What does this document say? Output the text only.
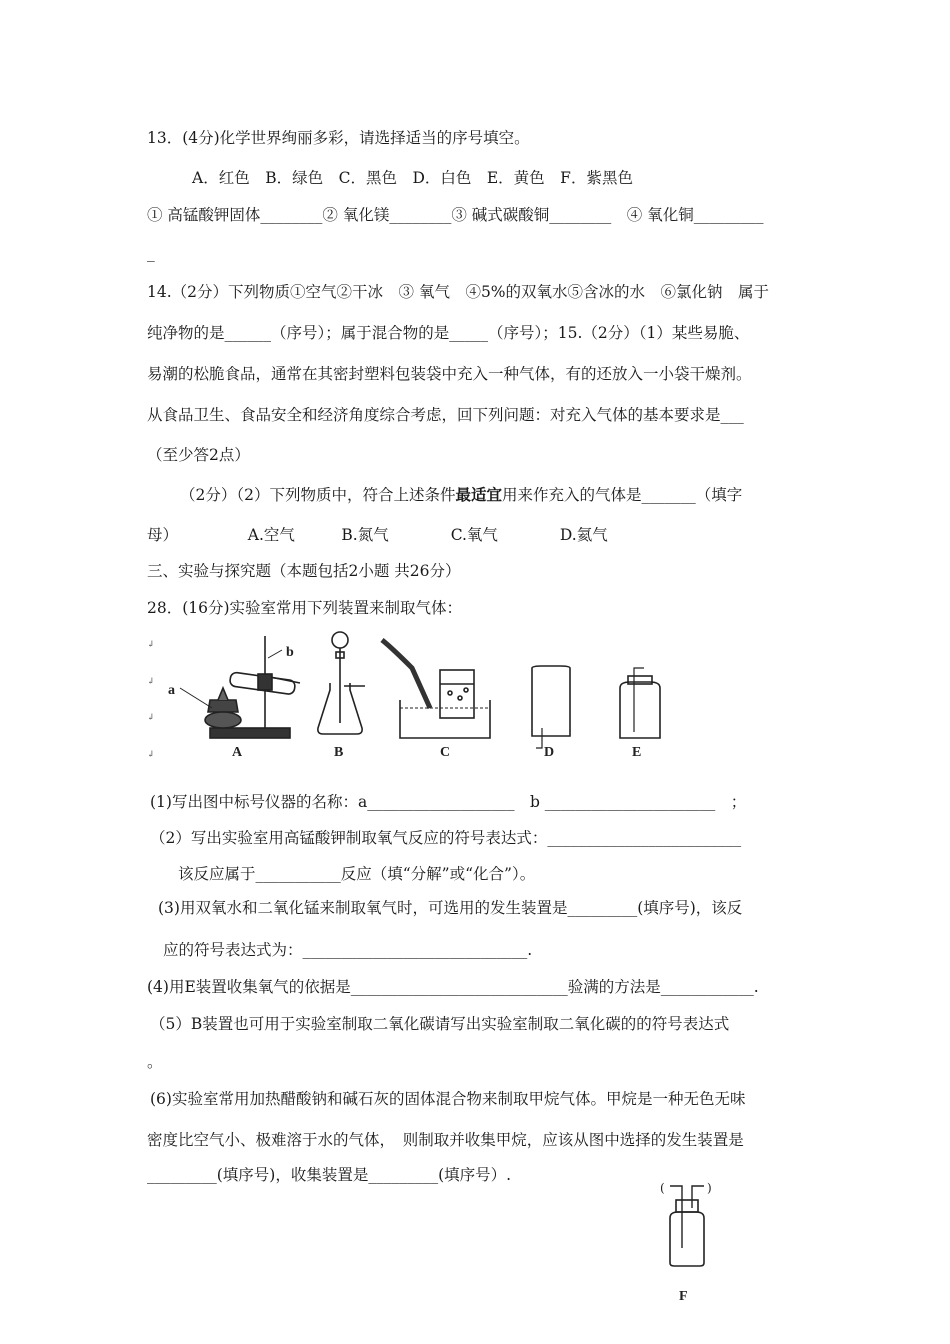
13．(4分)化学世界绚丽多彩，请选择适当的序号填空。
A．红色　B．绿色　C．黑色　D．白色　E．黄色　F．紫黑色
① 高锰酸钾固体________② 氧化镁________③ 碱式碳酸铜________　④ 氧化铜_________
_
14.（2分）下列物质①空气②干冰　③ 氧气　④5%的双氧水⑤含冰的水　⑥氯化钠　属于
纯净物的是______（序号）；属于混合物的是_____（序号）；15.（2分）（1）某些易脆、
易潮的松脆食品，通常在其密封塑料包装袋中充入一种气体，有的还放入一小袋干燥剂。
从食品卫生、食品安全和经济角度综合考虑，回下列问题：对充入气体的基本要求是___
（至少答2点）
（2分）（2）下列物质中，符合上述条件最适宜用来作充入的气体是_______（填字
母）　　　　　A.空气　　　B.氮气　　　　C.氧气　　　　D.氦气
三、实验与探究题（本题包括2小题 共26分）
28．(16分)实验室常用下列装置来制取气体：
↲
↲
↲
↲
a
b
A	B	C	D	E
(1)写出图中标号仪器的名称：a___________________　b ______________________　；
（2）写出实验室用高锰酸钾制取氧气反应的符号表达式：_________________________
该反应属于___________反应（填“分解”或“化合”）。
(3)用双氧水和二氧化锰来制取氧气时，可选用的发生装置是_________(填序号)，该反
应的符号表达式为：_____________________________.
(4)用E装置收集氧气的依据是____________________________验满的方法是____________.
（5）B装置也可用于实验室制取二氧化碳请写出实验室制取二氧化碳的的符号表达式
。
(6)实验室常用加热醋酸钠和碱石灰的固体混合物来制取甲烷气体。甲烷是一种无色无味
密度比空气小、极难溶于水的气体，　则制取并收集甲烷，应该从图中选择的发生装置是
_________(填序号)，收集装置是_________(填序号）.
(	)
F
